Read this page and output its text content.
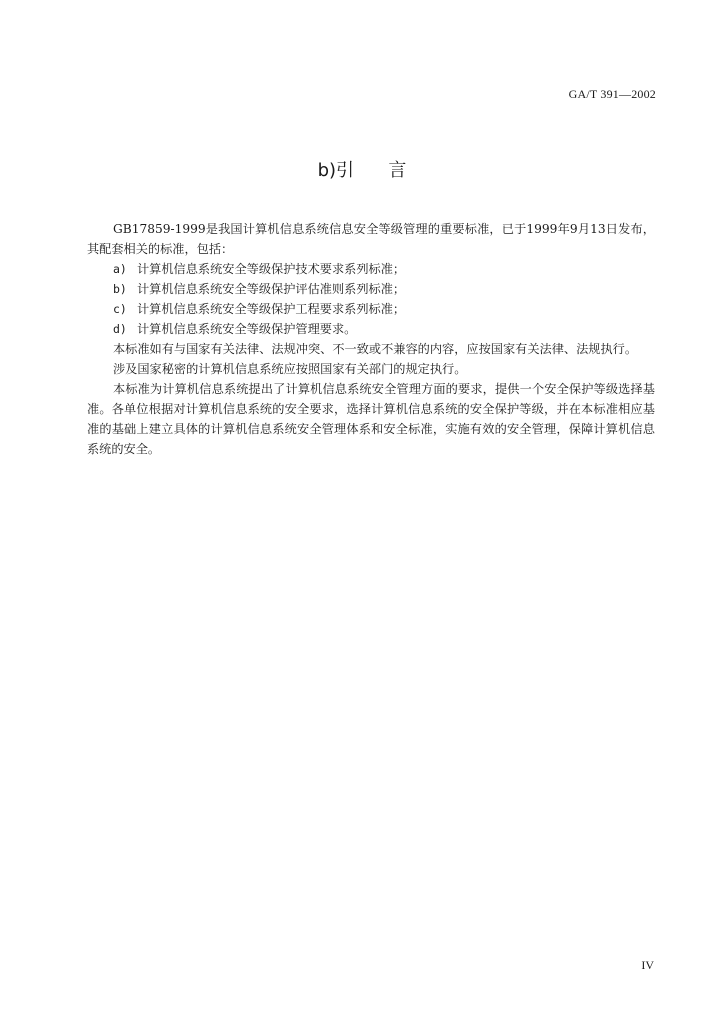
GA/T 391—2002
b)引      言

GB17859-1999是我国计算机信息系统信息安全等级管理的重要标准，已于1999年9月13日发布，其配套相关的标准，包括：

a) 计算机信息系统安全等级保护技术要求系列标准；
b) 计算机信息系统安全等级保护评估准则系列标准；
c) 计算机信息系统安全等级保护工程要求系列标准；
d) 计算机信息系统安全等级保护管理要求。

本标准如有与国家有关法律、法规冲突、不一致或不兼容的内容，应按国家有关法律、法规执行。

涉及国家秘密的计算机信息系统应按照国家有关部门的规定执行。

本标准为计算机信息系统提出了计算机信息系统安全管理方面的要求，提供一个安全保护等级选择基准。各单位根据对计算机信息系统的安全要求，选择计算机信息系统的安全保护等级，并在本标准相应基准的基础上建立具体的计算机信息系统安全管理体系和安全标准，实施有效的安全管理，保障计算机信息系统的安全。

IV
